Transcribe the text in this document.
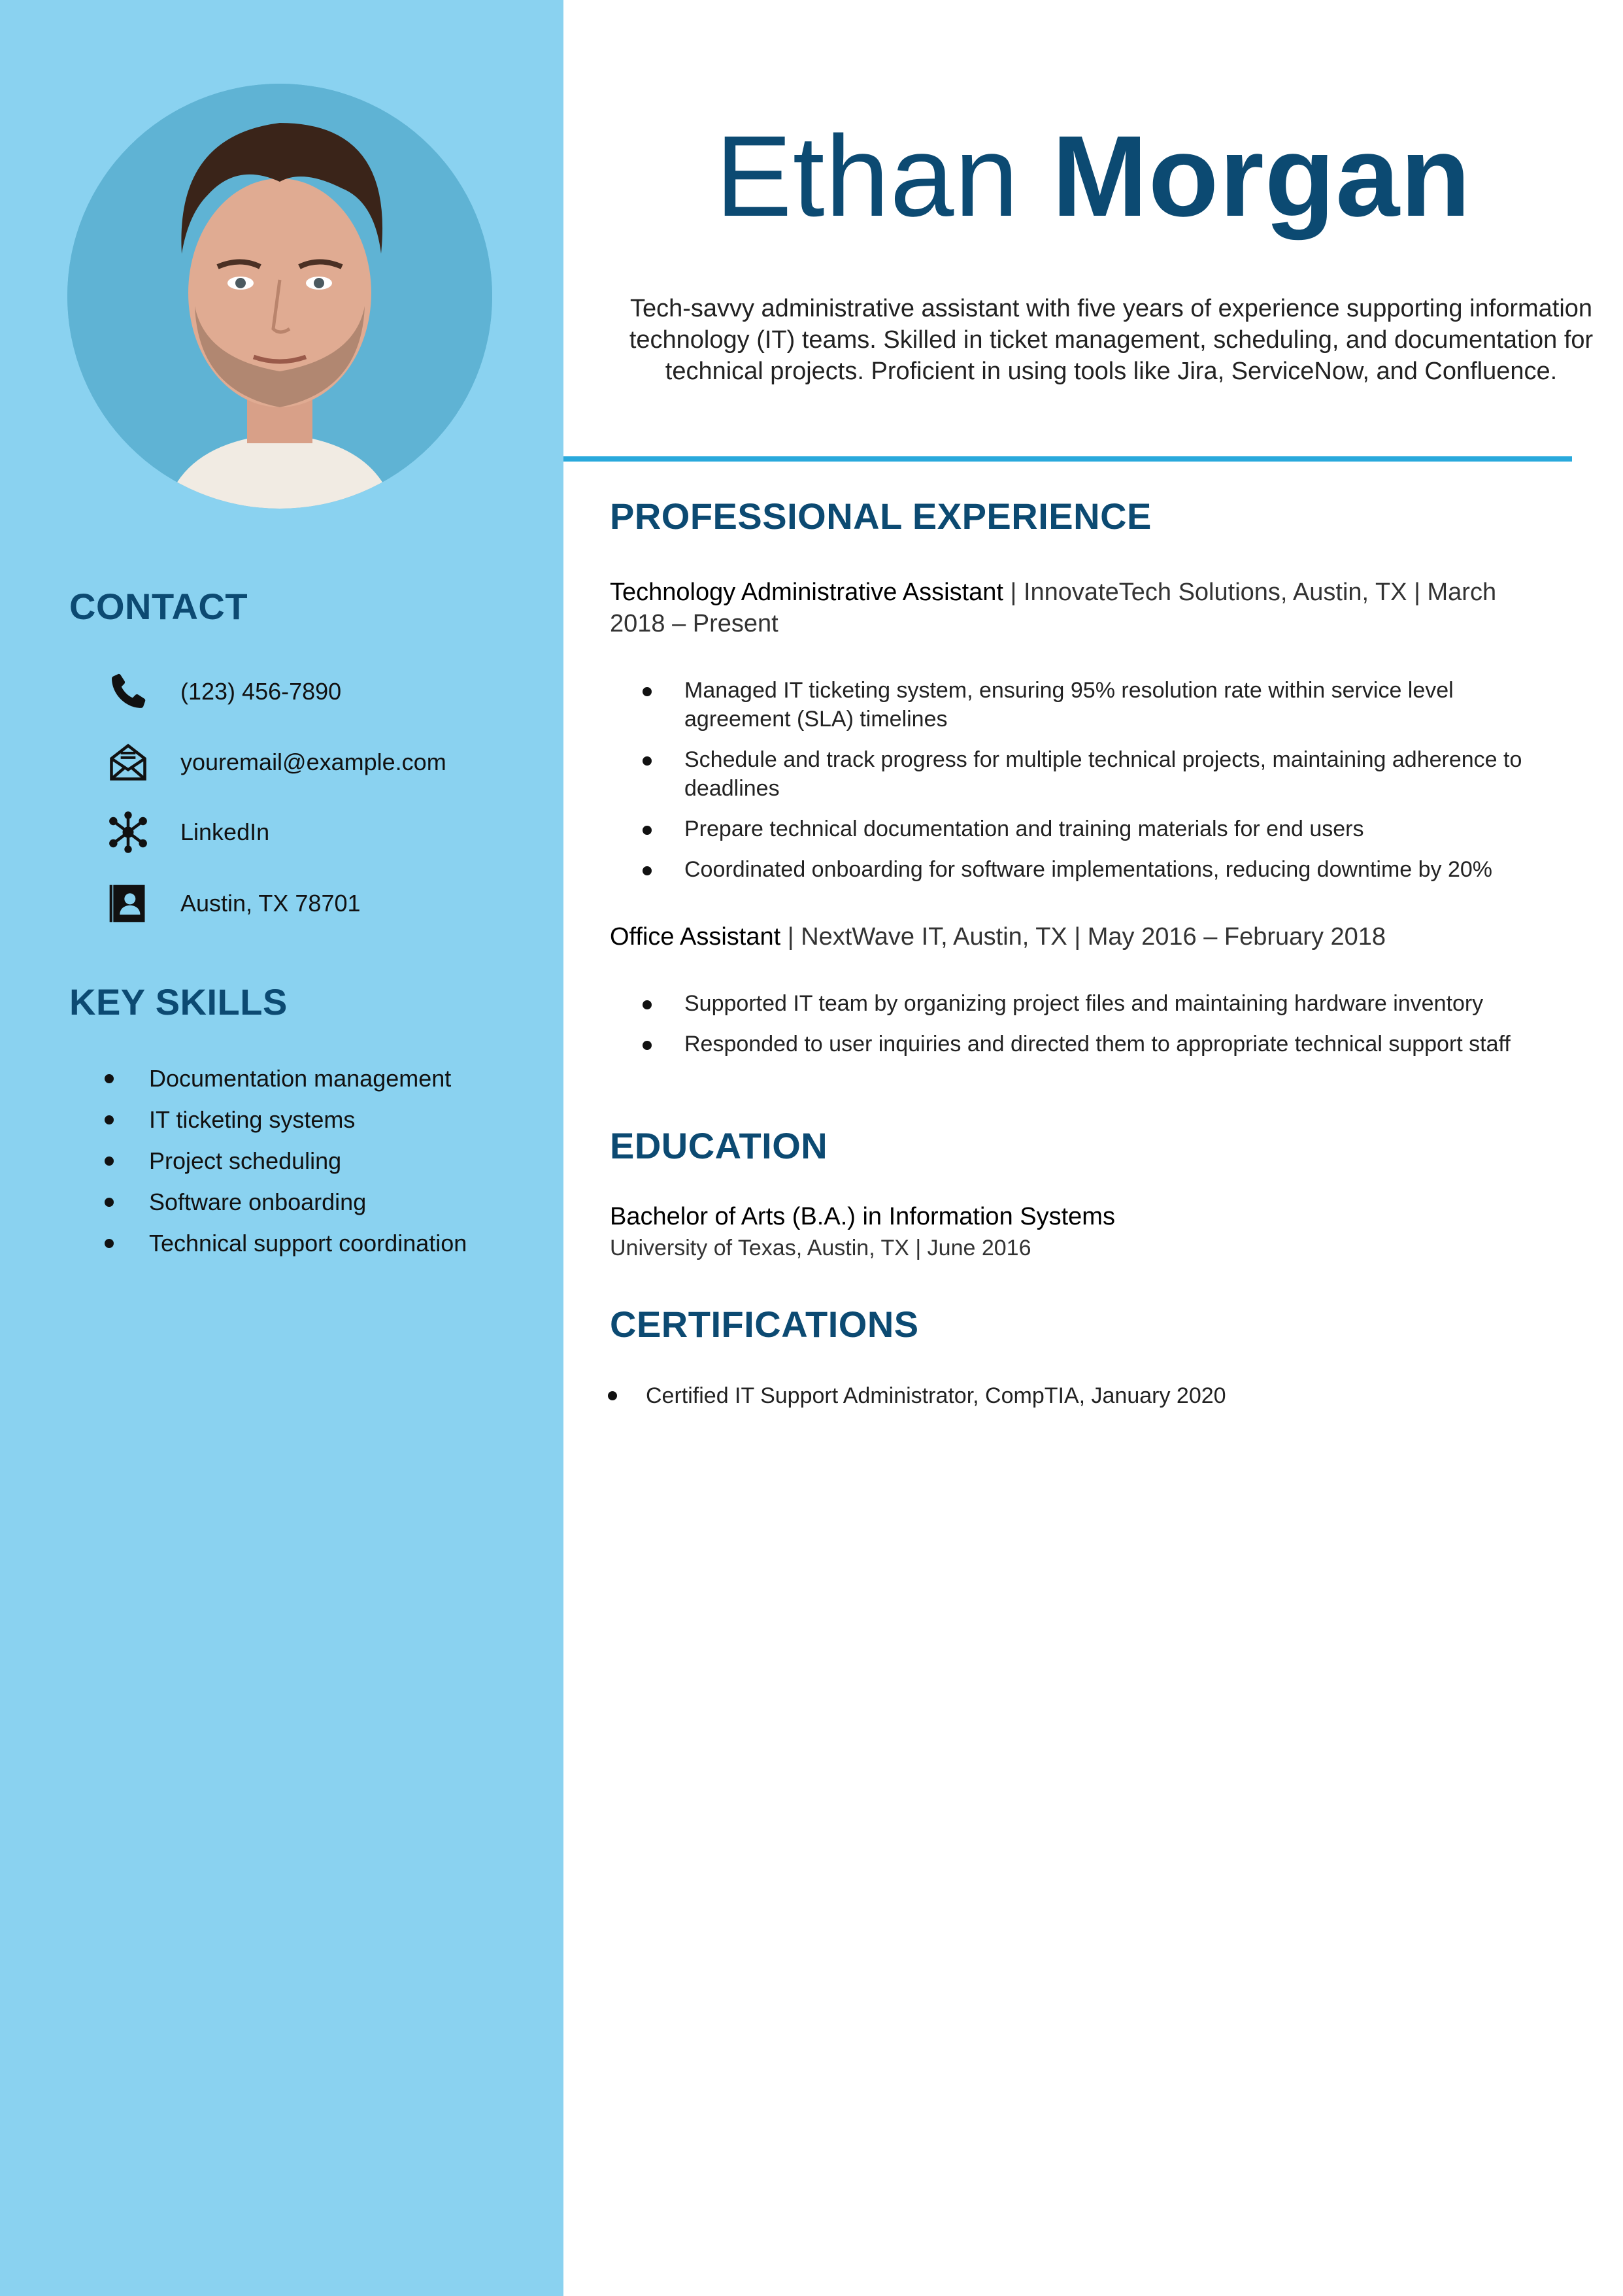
CONTACT
(123) 456-7890
youremail@example.com
LinkedIn
Austin, TX 78701
KEY SKILLS
Documentation management
IT ticketing systems
Project scheduling
Software onboarding
Technical support coordination
Ethan Morgan

Tech-savvy administrative assistant with five years of experience supporting information technology (IT) teams. Skilled in ticket management, scheduling, and documentation for technical projects. Proficient in using tools like Jira, ServiceNow, and Confluence.

PROFESSIONAL EXPERIENCE

Technology Administrative Assistant | InnovateTech Solutions, Austin, TX | March 2018 – Present

Managed IT ticketing system, ensuring 95% resolution rate within service level agreement (SLA) timelines
Schedule and track progress for multiple technical projects, maintaining adherence to deadlines
Prepare technical documentation and training materials for end users
Coordinated onboarding for software implementations, reducing downtime by 20%

Office Assistant | NextWave IT, Austin, TX | May 2016 – February 2018

Supported IT team by organizing project files and maintaining hardware inventory
Responded to user inquiries and directed them to appropriate technical support staff
EDUCATION

Bachelor of Arts (B.A.) in Information Systems

University of Texas, Austin, TX | June 2016

CERTIFICATIONS
Certified IT Support Administrator, CompTIA, January 2020
